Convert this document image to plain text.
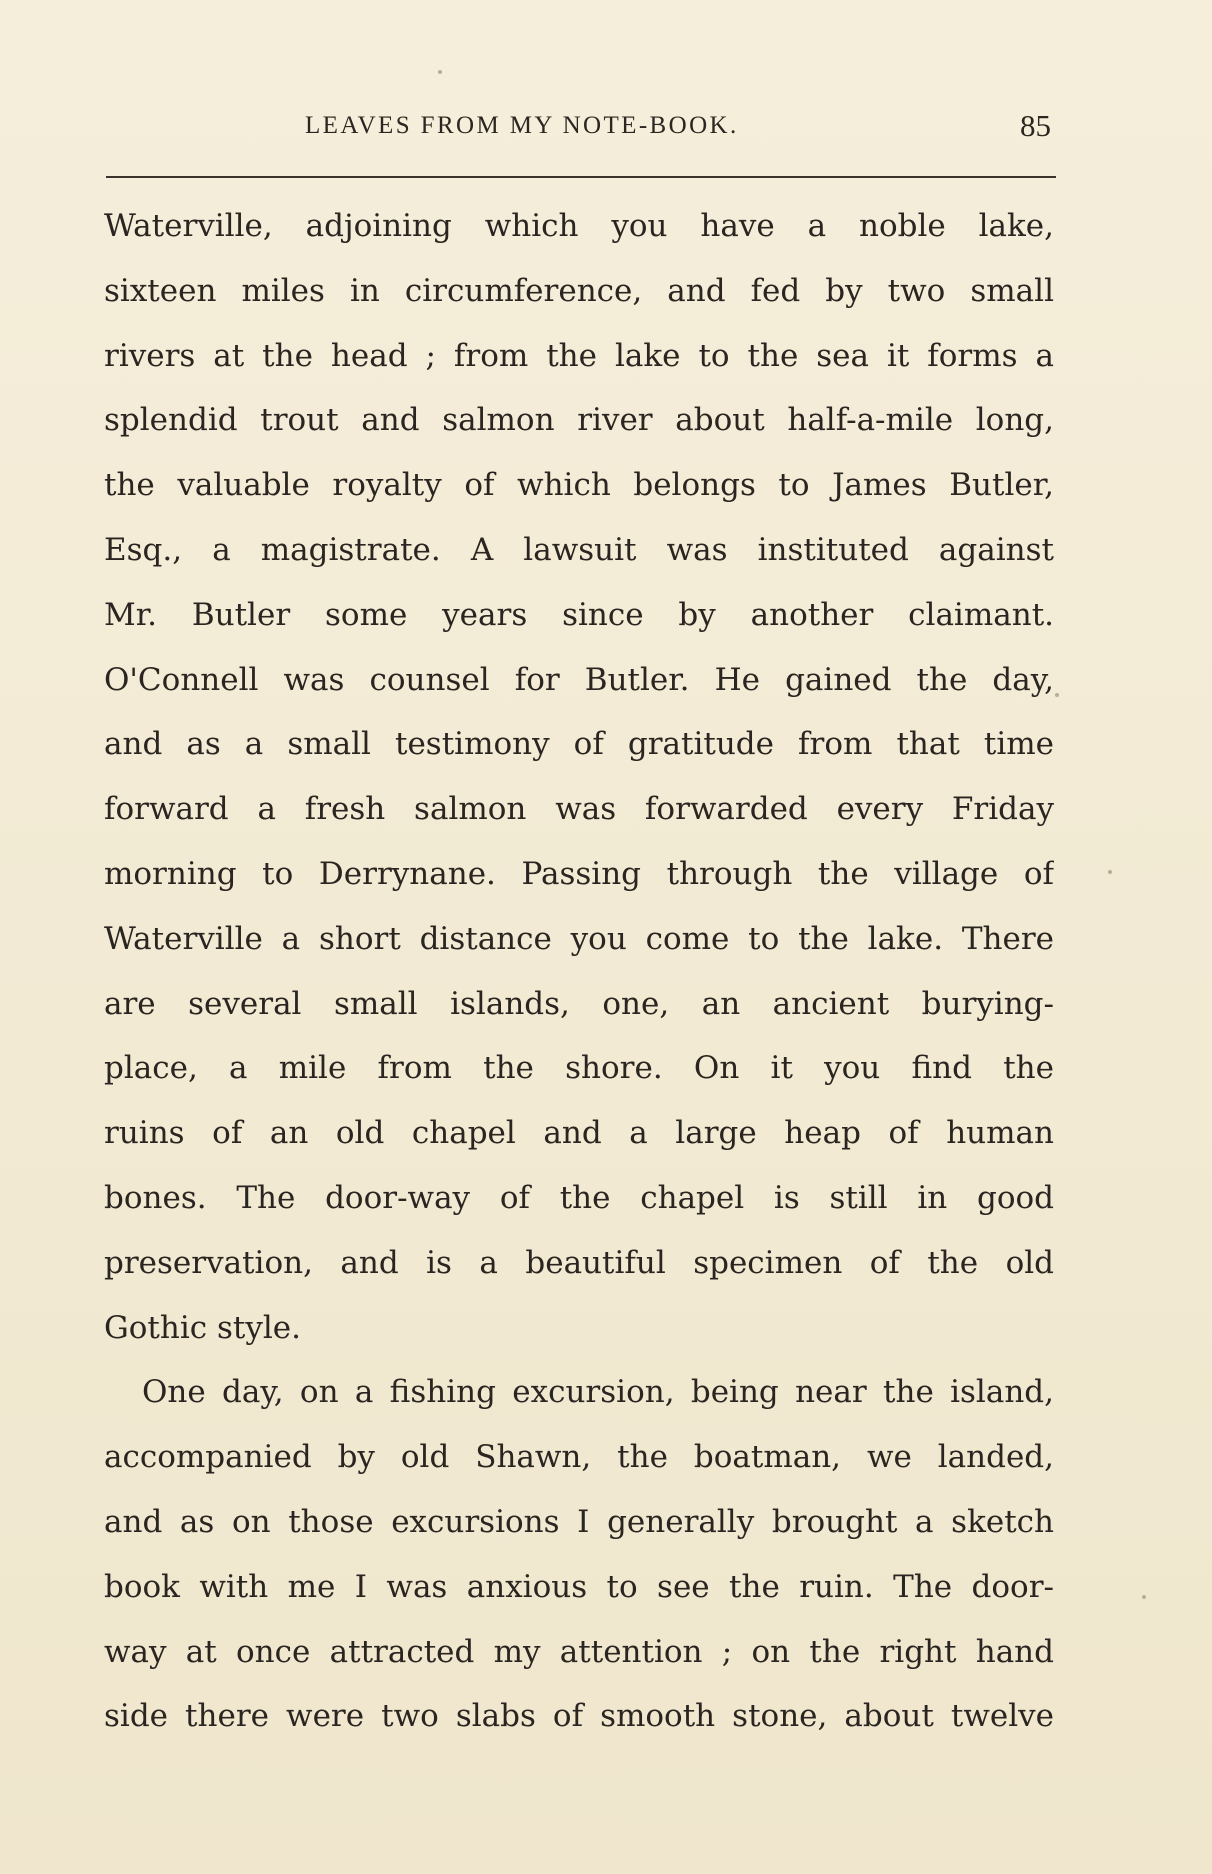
LEAVES FROM MY NOTE-BOOK.	85
Waterville, adjoining which you have a noble lake,
sixteen miles in circumference, and fed by two small
rivers at the head ; from the lake to the sea it forms a
splendid trout and salmon river about half-a-mile long,
the valuable royalty of which belongs to James Butler,
Esq., a magistrate. A lawsuit was instituted against
Mr. Butler some years since by another claimant.
O'Connell was counsel for Butler. He gained the day,
and as a small testimony of gratitude from that time
forward a fresh salmon was forwarded every Friday
morning to Derrynane. Passing through the village of
Waterville a short distance you come to the lake. There
are several small islands, one, an ancient burying-
place, a mile from the shore. On it you find the
ruins of an old chapel and a large heap of human
bones. The door-way of the chapel is still in good
preservation, and is a beautiful specimen of the old
Gothic style.
One day, on a fishing excursion, being near the island,
accompanied by old Shawn, the boatman, we landed,
and as on those excursions I generally brought a sketch
book with me I was anxious to see the ruin. The door-
way at once attracted my attention ; on the right hand
side there were two slabs of smooth stone, about twelve
